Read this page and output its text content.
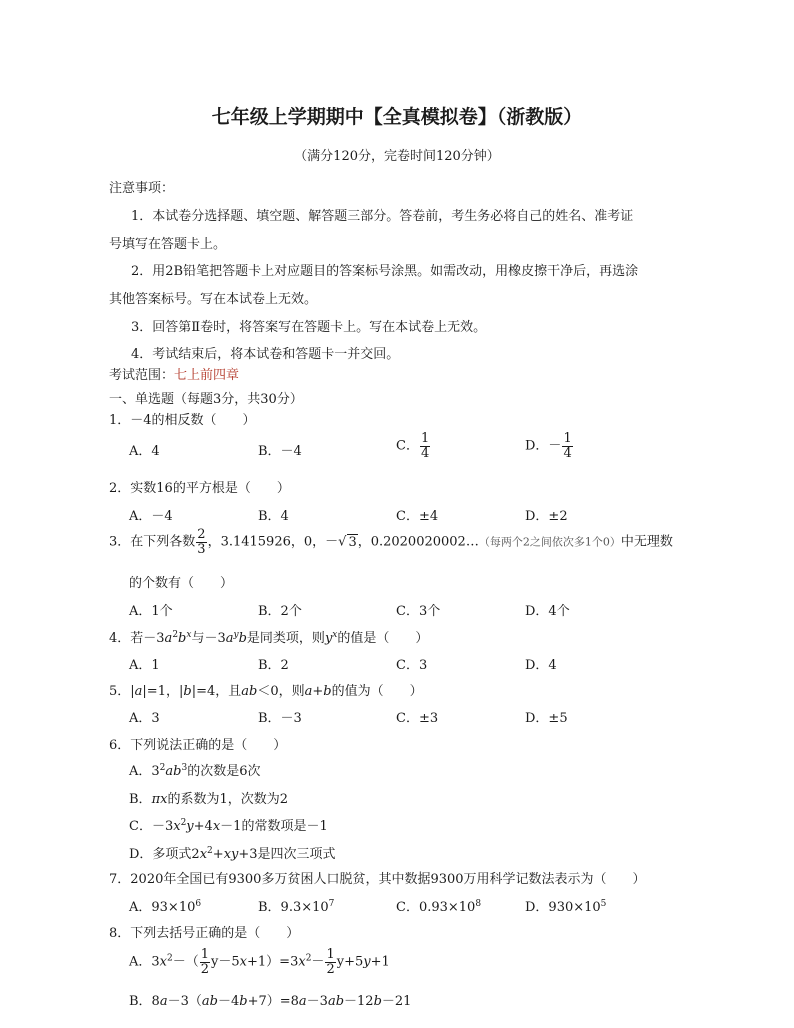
七年级上学期期中【全真模拟卷】（浙教版）
（满分120分，完卷时间120分钟）
注意事项：
1．本试卷分选择题、填空题、解答题三部分。答卷前，考生务必将自己的姓名、准考证
号填写在答题卡上。
2．用2B铅笔把答题卡上对应题目的答案标号涂黑。如需改动，用橡皮擦干净后，再选涂
其他答案标号。写在本试卷上无效。
3．回答第Ⅱ卷时，将答案写在答题卡上。写在本试卷上无效。
4．考试结束后，将本试卷和答题卡一并交回。
考试范围：七上前四章
一、单选题（每题3分，共30分）
1．－4的相反数（　　）
A．4	B．－4	C． $\frac{1}{4}$	D．－ $\frac{1}{4}$
2．实数16的平方根是（　　）
A．－4	B．4	C．±4	D．±2
3．在下列各数 $\frac{2}{3}$ ，3.1415926，0，－√ 3，0.2020020002…（每两个2之间依次多1个0）中无理数
的个数有（　　）
A．1个	B．2个	C．3个	D．4个
4．若$-3a^2b^x$与$-3a^yb$是同类项，则$y^x$的值是（　　）
A．1	B．2	C．3	D．4
5．|a|=1，|b|=4，且ab＜0，则a+b的值为（　　）
A．3	B．－3	C．±3	D．±5
6．下列说法正确的是（　　）
A．$3^2ab^3$的次数是6次
B．πx的系数为1，次数为2
C．$-3x^2y+4x-1$的常数项是－1
D．多项式$2x^2+xy+3$是四次三项式
7．2020年全国已有9300多万贫困人口脱贫，其中数据9300万用科学记数法表示为（　　）
A．$93\times 10^6$	B．$9.3\times 10^7$	C．$0.93\times 10^8$	D．$930\times 10^5$
8．下列去括号正确的是（　　）
A．$3x^2-( \frac{1}{2} y-5x+1)=3x^2- \frac{1}{2} y+5y+1$
B．8a－3（ab－4b+7）=8a－3ab－12b－21
